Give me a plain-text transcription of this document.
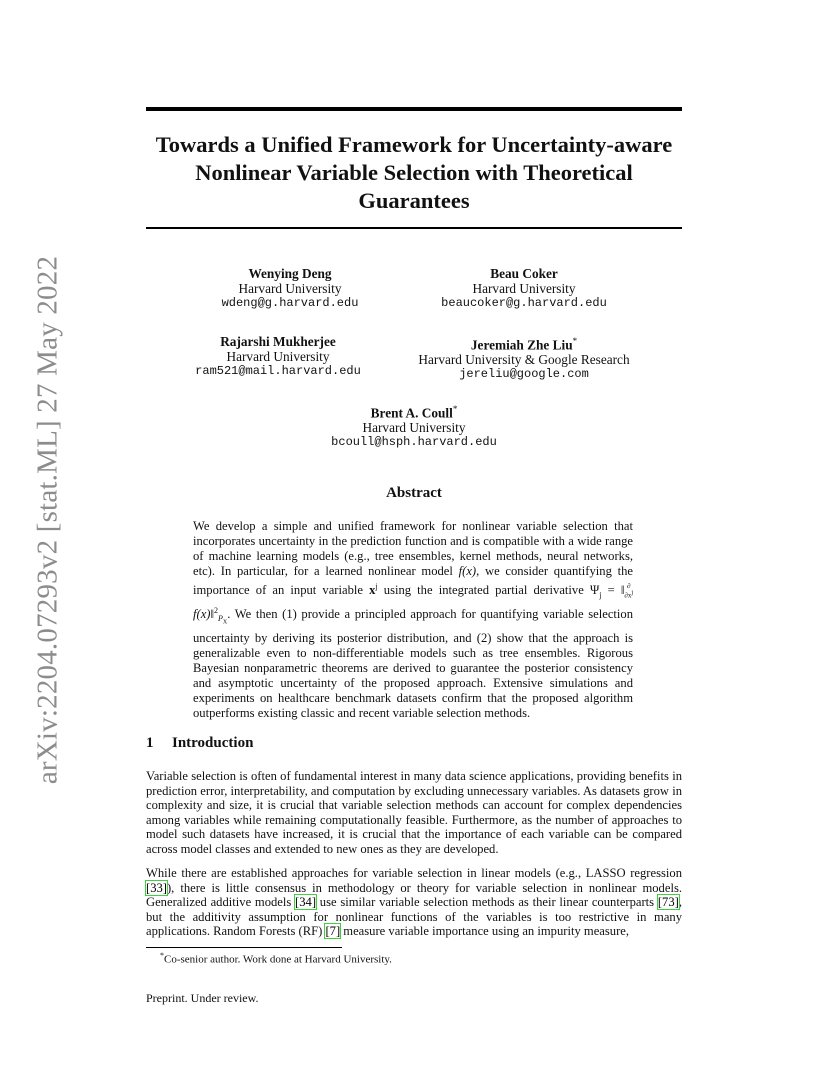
arXiv:2204.07293v2 [stat.ML] 27 May 2022
Towards a Unified Framework for Uncertainty-aware
Nonlinear Variable Selection with Theoretical
Guarantees
Wenying Deng
Harvard University
wdeng@g.harvard.edu
Beau Coker
Harvard University
beaucoker@g.harvard.edu
Rajarshi Mukherjee
Harvard University
ram521@mail.harvard.edu
Jeremiah Zhe Liu*
Harvard University & Google Research
jereliu@google.com
Brent A. Coull*
Harvard University
bcoull@hsph.harvard.edu
Abstract
We develop a simple and unified framework for nonlinear variable selection that incorporates uncertainty in the prediction function and is compatible with a wide range of machine learning models (e.g., tree ensembles, kernel methods, neural networks, etc). In particular, for a learned nonlinear model f(x), we consider quantifying the importance of an input variable $x^j$ using the integrated partial derivative $\Psi_j$ = ‖ ∂
$\partial x^j$
f(x)‖$^2_{P_X}$. We then (1) provide a principled approach for quantifying variable selection uncertainty by deriving its posterior distribution, and (2) show that the approach is generalizable even to non-differentiable models such as tree ensembles. Rigorous Bayesian nonparametric theorems are derived to guarantee the posterior consistency and asymptotic uncertainty of the proposed approach. Extensive simulations and experiments on healthcare benchmark datasets confirm that the proposed algorithm outperforms existing classic and recent variable selection methods.
1 Introduction
Variable selection is often of fundamental interest in many data science applications, providing benefits in prediction error, interpretability, and computation by excluding unnecessary variables. As datasets grow in complexity and size, it is crucial that variable selection methods can account for complex dependencies among variables while remaining computationally feasible. Furthermore, as the number of approaches to model such datasets have increased, it is crucial that the importance of each variable can be compared across model classes and extended to new ones as they are developed.
While there are established approaches for variable selection in linear models (e.g., LASSO regression [33]), there is little consensus in methodology or theory for variable selection in nonlinear models. Generalized additive models [34] use similar variable selection methods as their linear counterparts [73], but the additivity assumption for nonlinear functions of the variables is too restrictive in many applications. Random Forests (RF) [7] measure variable importance using an impurity measure,
*Co-senior author. Work done at Harvard University.
Preprint. Under review.
